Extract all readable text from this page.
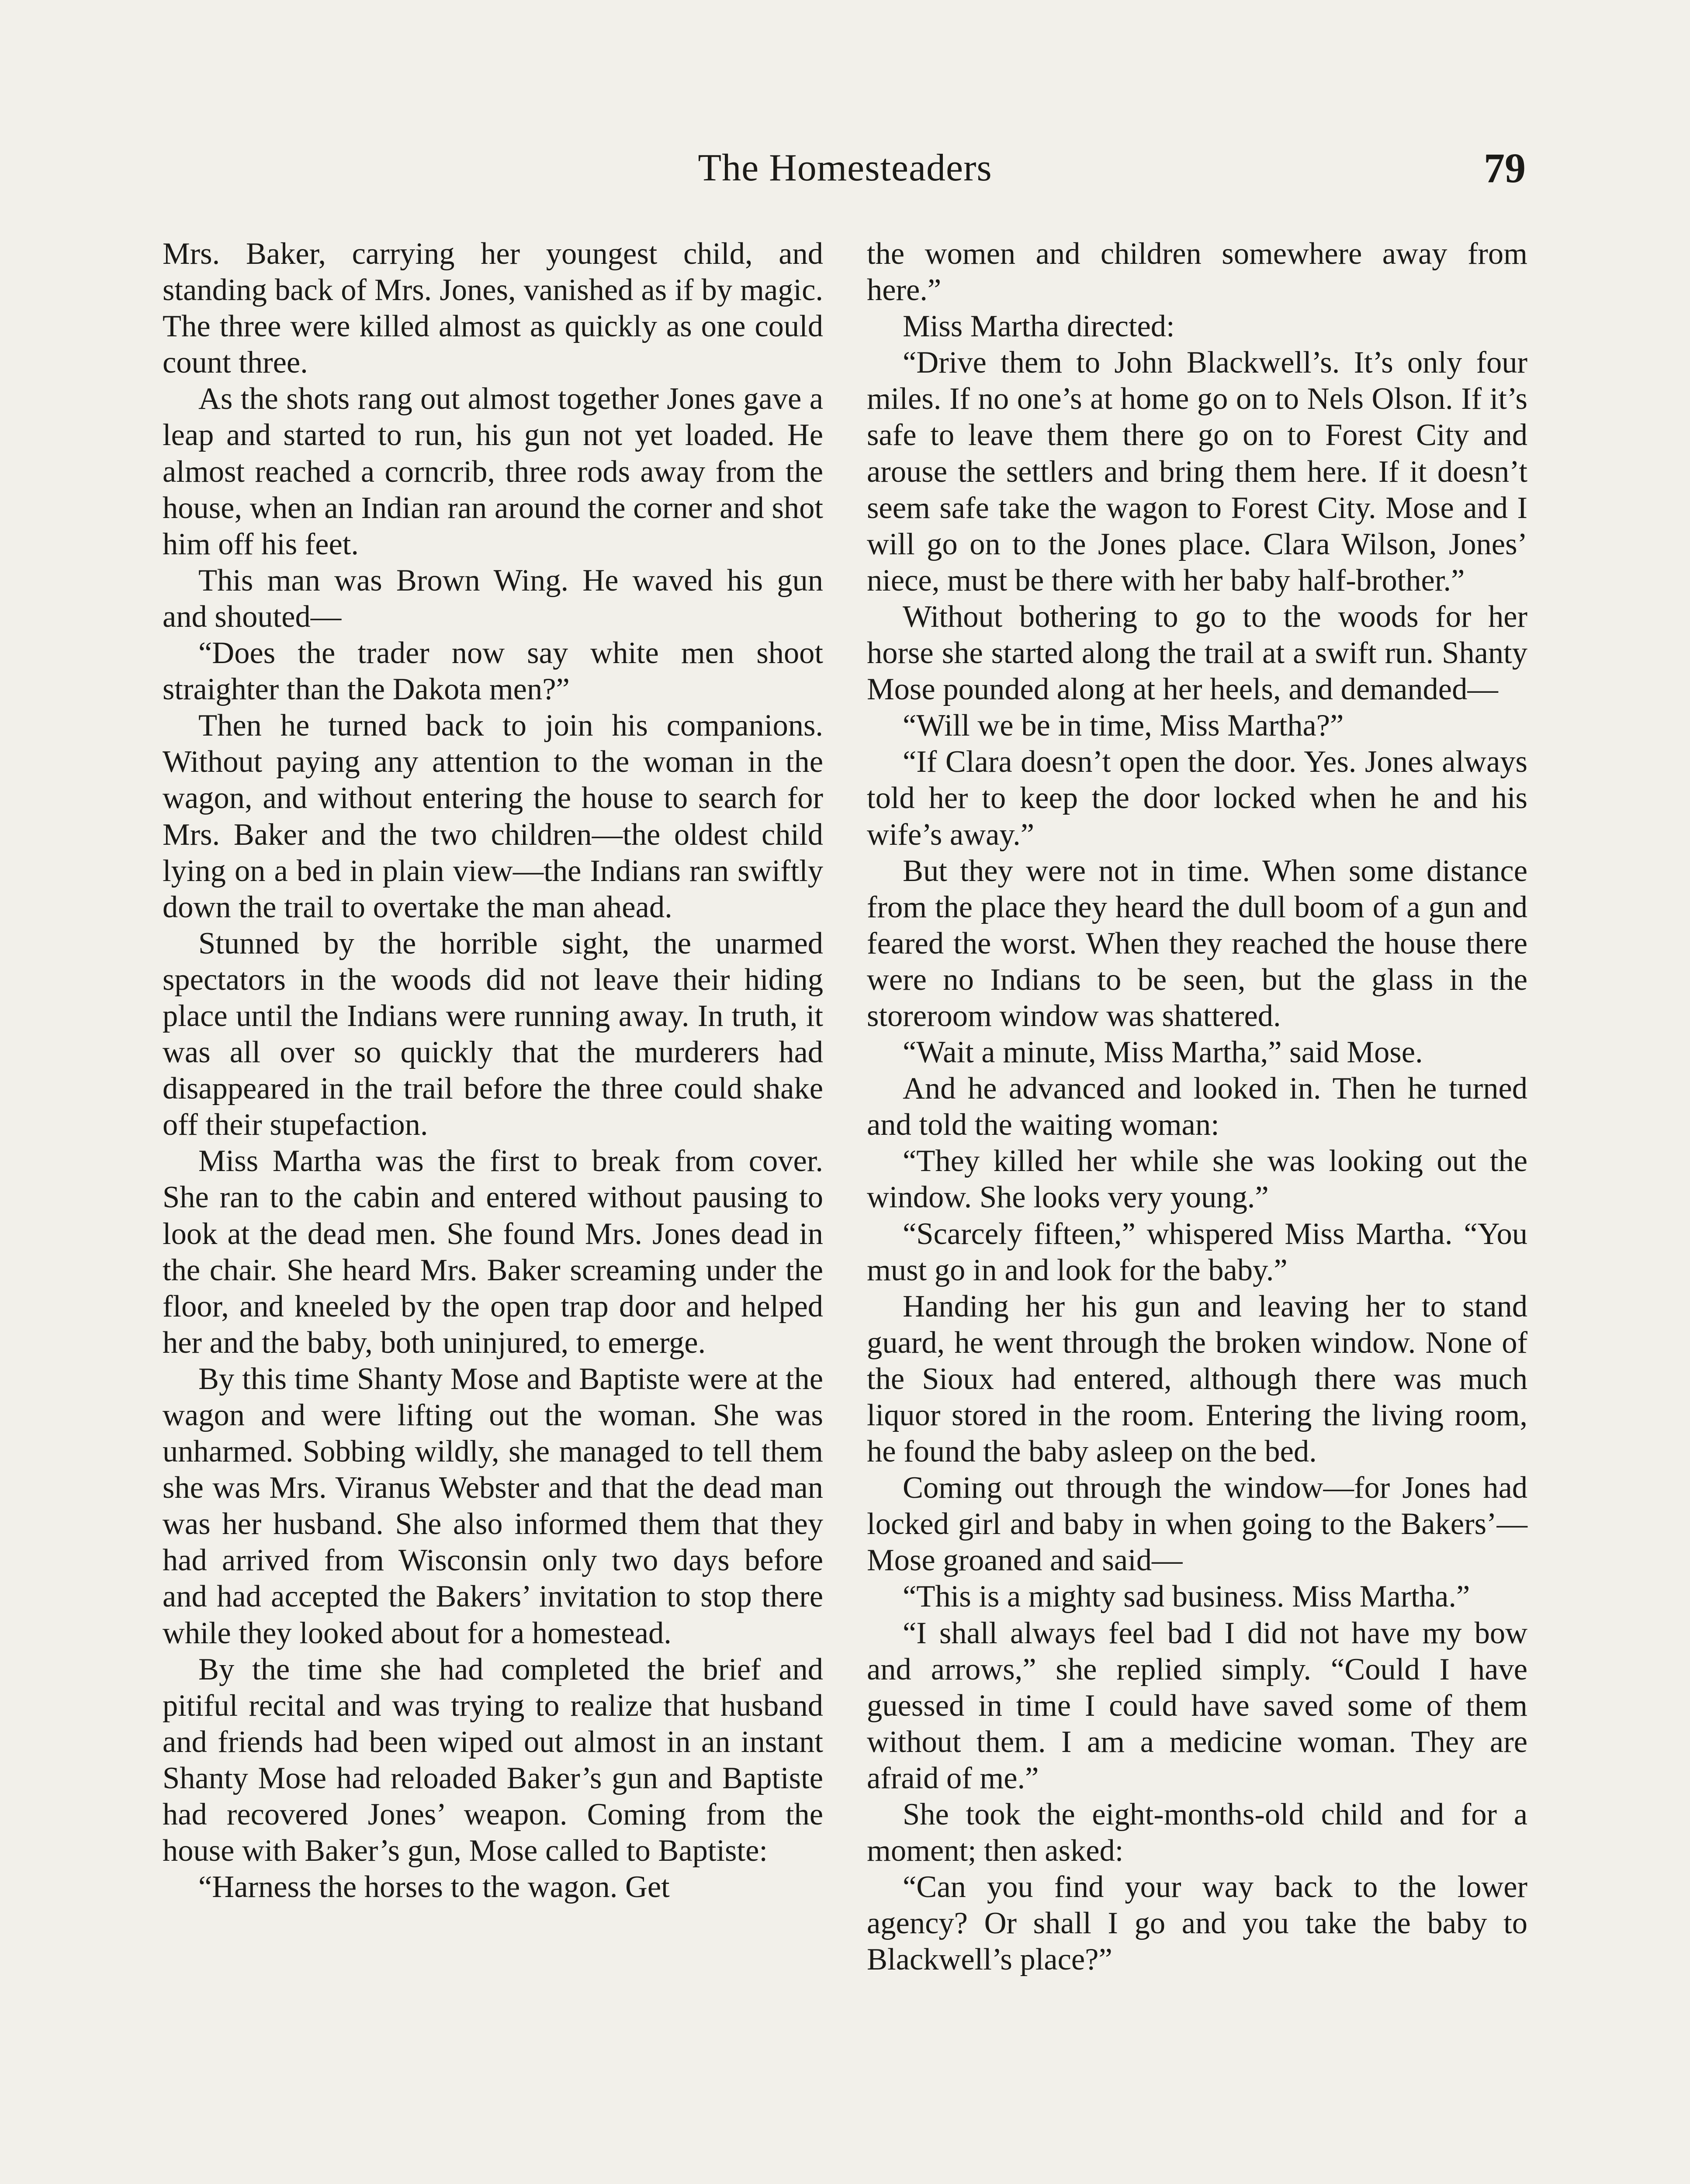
The Homesteaders	79

Mrs. Baker, carrying her youngest child, and standing back of Mrs. Jones, vanished as if by magic. The three were killed almost as quickly as one could count three.

As the shots rang out almost together Jones gave a leap and started to run, his gun not yet loaded. He almost reached a corncrib, three rods away from the house, when an Indian ran around the corner and shot him off his feet.

This man was Brown Wing. He waved his gun and shouted—

“Does the trader now say white men shoot straighter than the Dakota men?”

Then he turned back to join his companions. Without paying any attention to the woman in the wagon, and without entering the house to search for Mrs. Baker and the two children—the oldest child lying on a bed in plain view—the Indians ran swiftly down the trail to overtake the man ahead.

Stunned by the horrible sight, the unarmed spectators in the woods did not leave their hiding place until the Indians were running away. In truth, it was all over so quickly that the murderers had disappeared in the trail before the three could shake off their stupefaction.

Miss Martha was the first to break from cover. She ran to the cabin and entered without pausing to look at the dead men. She found Mrs. Jones dead in the chair. She heard Mrs. Baker screaming under the floor, and kneeled by the open trap door and helped her and the baby, both uninjured, to emerge.

By this time Shanty Mose and Baptiste were at the wagon and were lifting out the woman. She was unharmed. Sobbing wildly, she managed to tell them she was Mrs. Viranus Webster and that the dead man was her husband. She also informed them that they had arrived from Wisconsin only two days before and had accepted the Bakers’ invitation to stop there while they looked about for a homestead.

By the time she had completed the brief and pitiful recital and was trying to realize that husband and friends had been wiped out almost in an instant Shanty Mose had reloaded Baker’s gun and Baptiste had recovered Jones’ weapon. Coming from the house with Baker’s gun, Mose called to Baptiste:

“Harness the horses to the wagon. Get

the women and children somewhere away from here.”

Miss Martha directed:

“Drive them to John Blackwell’s. It’s only four miles. If no one’s at home go on to Nels Olson. If it’s safe to leave them there go on to Forest City and arouse the settlers and bring them here. If it doesn’t seem safe take the wagon to Forest City. Mose and I will go on to the Jones place. Clara Wilson, Jones’ niece, must be there with her baby half-brother.”

Without bothering to go to the woods for her horse she started along the trail at a swift run. Shanty Mose pounded along at her heels, and demanded—

“Will we be in time, Miss Martha?”

“If Clara doesn’t open the door. Yes. Jones always told her to keep the door locked when he and his wife’s away.”

But they were not in time. When some distance from the place they heard the dull boom of a gun and feared the worst. When they reached the house there were no Indians to be seen, but the glass in the storeroom window was shattered.

“Wait a minute, Miss Martha,” said Mose.

And he advanced and looked in. Then he turned and told the waiting woman:

“They killed her while she was looking out the window. She looks very young.”

“Scarcely fifteen,” whispered Miss Martha. “You must go in and look for the baby.”

Handing her his gun and leaving her to stand guard, he went through the broken window. None of the Sioux had entered, although there was much liquor stored in the room. Entering the living room, he found the baby asleep on the bed.

Coming out through the window—for Jones had locked girl and baby in when going to the Bakers’—Mose groaned and said—

“This is a mighty sad business. Miss Martha.”

“I shall always feel bad I did not have my bow and arrows,” she replied simply. “Could I have guessed in time I could have saved some of them without them. I am a medicine woman. They are afraid of me.”

She took the eight-months-old child and for a moment; then asked:

“Can you find your way back to the lower agency? Or shall I go and you take the baby to Blackwell’s place?”
